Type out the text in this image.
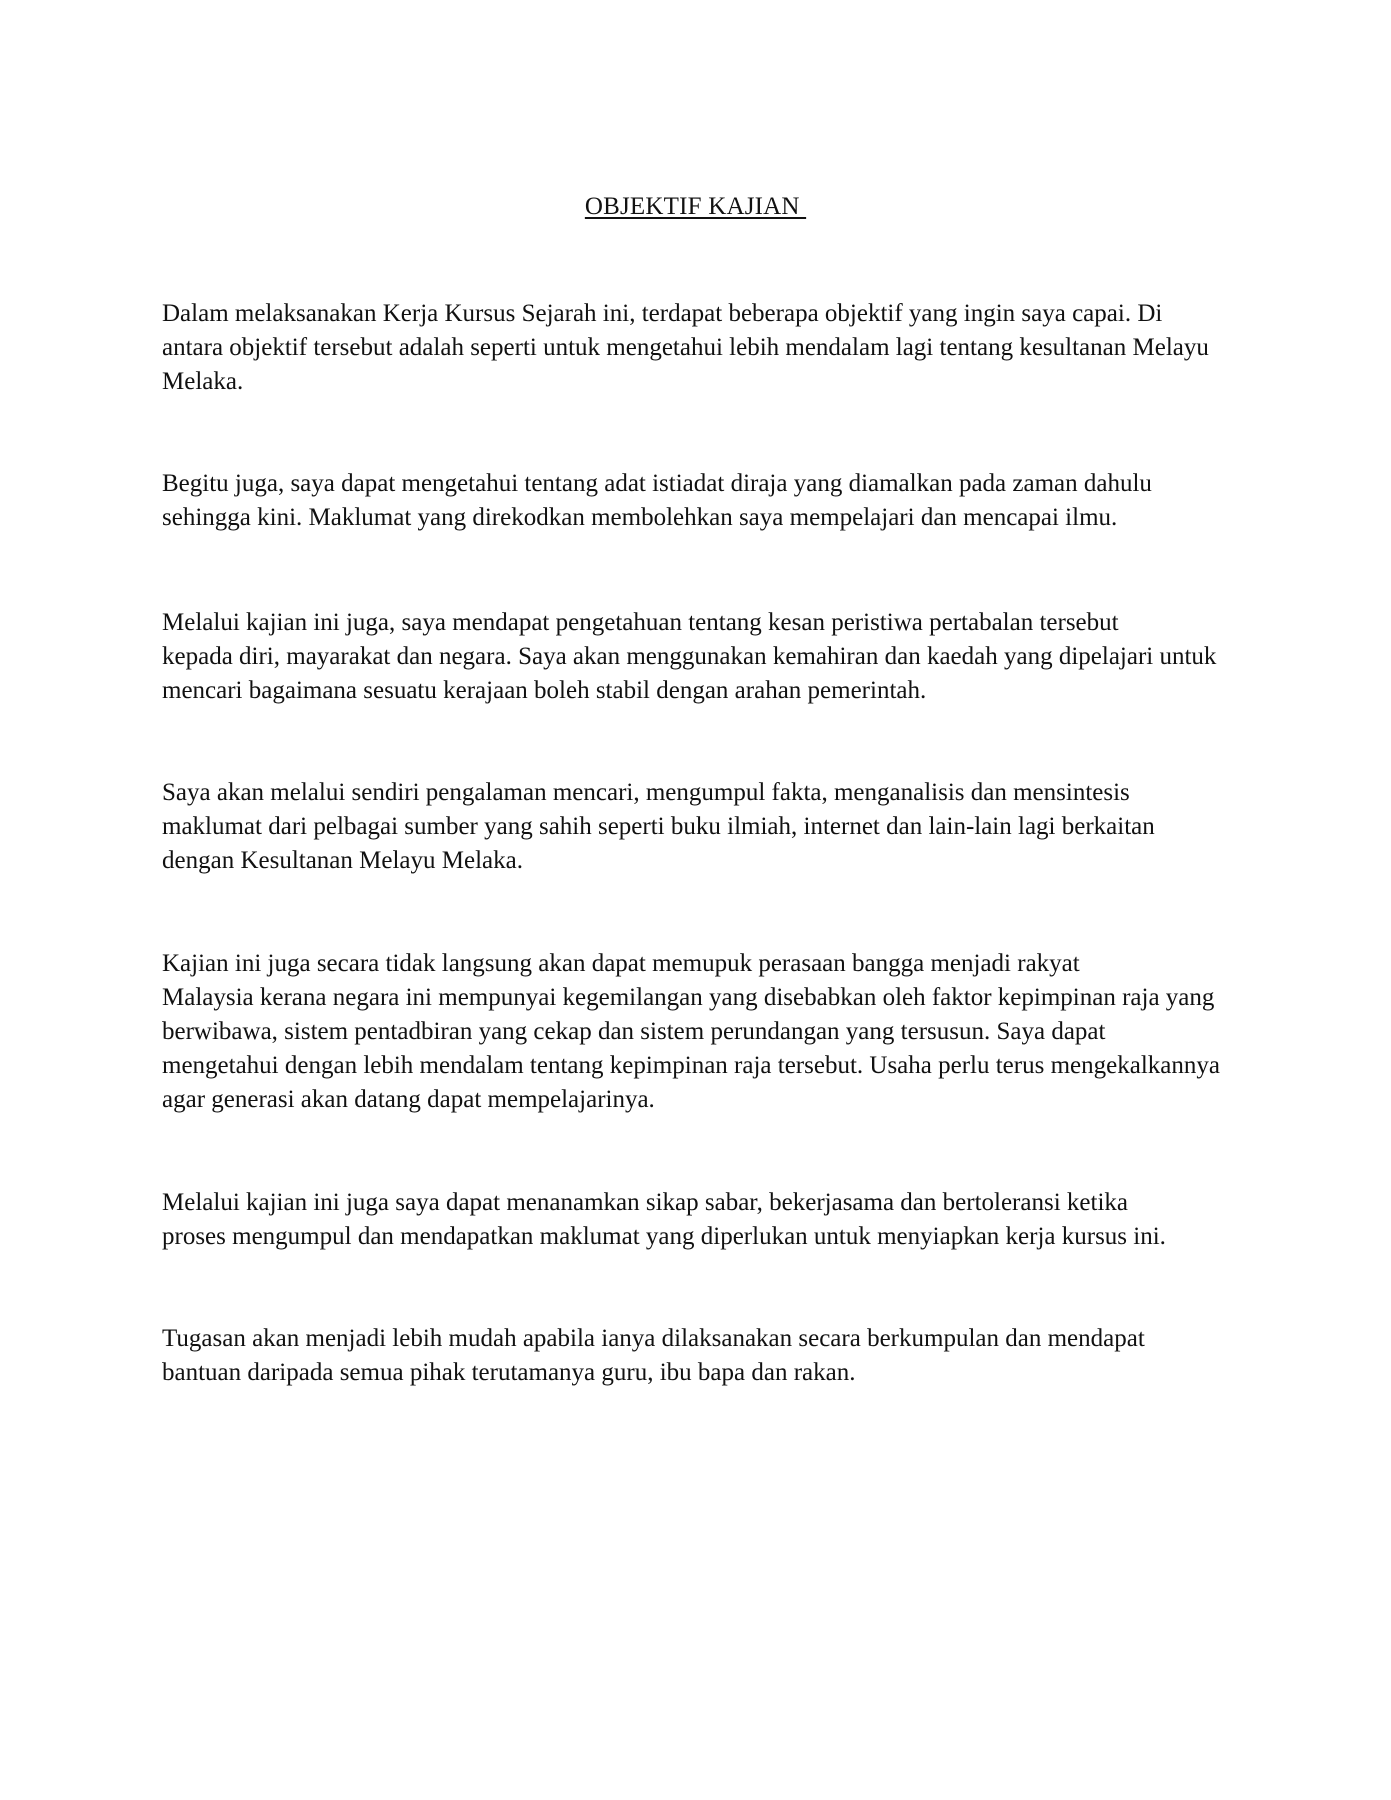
OBJEKTIF KAJIAN

Dalam melaksanakan Kerja Kursus Sejarah ini, terdapat beberapa objektif yang ingin saya capai. Di
antara objektif tersebut adalah seperti untuk mengetahui lebih mendalam lagi tentang kesultanan Melayu
Melaka.

Begitu juga, saya dapat mengetahui tentang adat istiadat diraja yang diamalkan pada zaman dahulu
sehingga kini. Maklumat yang direkodkan membolehkan saya mempelajari dan mencapai ilmu.

Melalui kajian ini juga, saya mendapat pengetahuan tentang kesan peristiwa pertabalan tersebut
kepada diri, mayarakat dan negara. Saya akan menggunakan kemahiran dan kaedah yang dipelajari untuk
mencari bagaimana sesuatu kerajaan boleh stabil dengan arahan pemerintah.

Saya akan melalui sendiri pengalaman mencari, mengumpul fakta, menganalisis dan mensintesis
maklumat dari pelbagai sumber yang sahih seperti buku ilmiah, internet dan lain-lain lagi berkaitan
dengan Kesultanan Melayu Melaka.

Kajian ini juga secara tidak langsung akan dapat memupuk perasaan bangga menjadi rakyat
Malaysia kerana negara ini mempunyai kegemilangan yang disebabkan oleh faktor kepimpinan raja yang
berwibawa, sistem pentadbiran yang cekap dan sistem perundangan yang tersusun. Saya dapat
mengetahui dengan lebih mendalam tentang kepimpinan raja tersebut. Usaha perlu terus mengekalkannya
agar generasi akan datang dapat mempelajarinya.

Melalui kajian ini juga saya dapat menanamkan sikap sabar, bekerjasama dan bertoleransi ketika
proses mengumpul dan mendapatkan maklumat yang diperlukan untuk menyiapkan kerja kursus ini.

Tugasan akan menjadi lebih mudah apabila ianya dilaksanakan secara berkumpulan dan mendapat
bantuan daripada semua pihak terutamanya guru, ibu bapa dan rakan.
